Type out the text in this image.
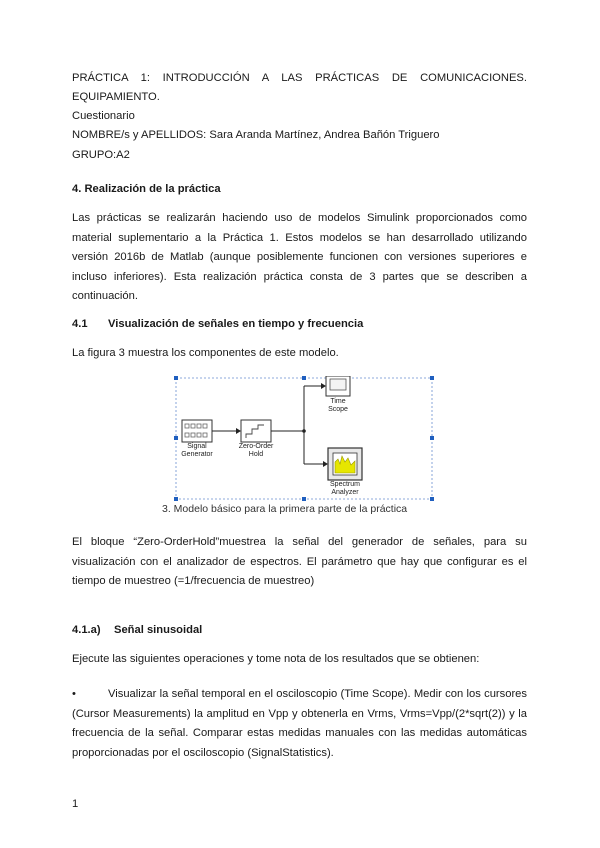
PRÁCTICA 1: INTRODUCCIÓN A LAS PRÁCTICAS DE COMUNICACIONES.
EQUIPAMIENTO.
Cuestionario
NOMBRE/s y APELLIDOS: Sara Aranda Martínez, Andrea Bañón Triguero
GRUPO:A2
4. Realización de la práctica
Las prácticas se realizarán haciendo uso de modelos Simulink proporcionados como material suplementario a la Práctica 1. Estos modelos se han desarrollado utilizando versión 2016b de Matlab (aunque posiblemente funcionen con versiones superiores e incluso inferiores). Esta realización práctica consta de 3 partes que se describen a continuación.
4.1 Visualización de señales en tiempo y frecuencia
La figura 3 muestra los componentes de este modelo.
Signal
Generator
Zero-Order
Hold
Time
Scope
Spectrum
Analyzer
3. Modelo básico para la primera parte de la práctica
El bloque “Zero-OrderHold”muestrea la señal del generador de señales, para su visualización con el analizador de espectros. El parámetro que hay que configurar es el tiempo de muestreo (=1/frecuencia de muestreo)
4.1.a) Señal sinusoidal
Ejecute las siguientes operaciones y tome nota de los resultados que se obtienen:
•	Visualizar la señal temporal en el osciloscopio (Time Scope). Medir con los cursores (Cursor Measurements) la amplitud en Vpp y obtenerla en Vrms, Vrms=Vpp/(2*sqrt(2)) y la frecuencia de la señal. Comparar estas medidas manuales con las medidas automáticas proporcionadas por el osciloscopio (SignalStatistics).
1
